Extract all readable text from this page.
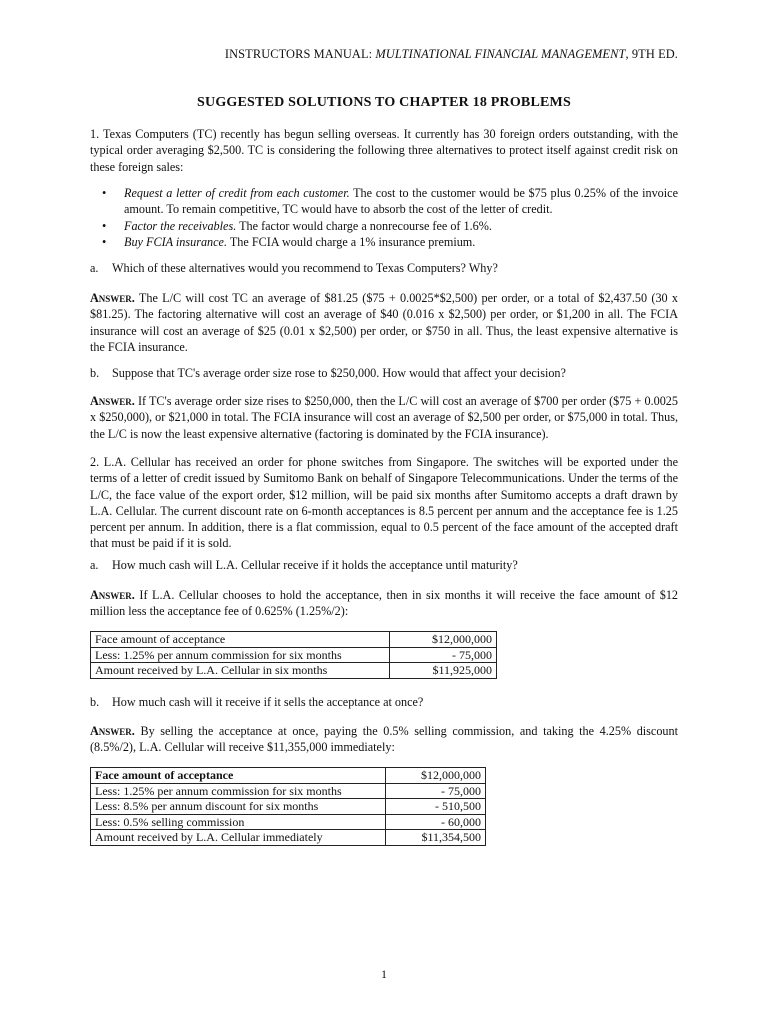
INSTRUCTORS MANUAL: MULTINATIONAL FINANCIAL MANAGEMENT, 9TH ED.
SUGGESTED SOLUTIONS TO CHAPTER 18 PROBLEMS
1. Texas Computers (TC) recently has begun selling overseas. It currently has 30 foreign orders outstanding, with the typical order averaging $2,500. TC is considering the following three alternatives to protect itself against credit risk on these foreign sales:
• Request a letter of credit from each customer. The cost to the customer would be $75 plus 0.25% of the invoice amount. To remain competitive, TC would have to absorb the cost of the letter of credit.
• Factor the receivables. The factor would charge a nonrecourse fee of 1.6%.
• Buy FCIA insurance. The FCIA would charge a 1% insurance premium.
a. Which of these alternatives would you recommend to Texas Computers? Why?
Answer. The L/C will cost TC an average of $81.25 ($75 + 0.0025*$2,500) per order, or a total of $2,437.50 (30 x $81.25). The factoring alternative will cost an average of $40 (0.016 x $2,500) per order, or $1,200 in all. The FCIA insurance will cost an average of $25 (0.01 x $2,500) per order, or $750 in all. Thus, the least expensive alternative is the FCIA insurance.
b. Suppose that TC's average order size rose to $250,000. How would that affect your decision?
Answer. If TC's average order size rises to $250,000, then the L/C will cost an average of $700 per order ($75 + 0.0025 x $250,000), or $21,000 in total. The FCIA insurance will cost an average of $2,500 per order, or $75,000 in total. Thus, the L/C is now the least expensive alternative (factoring is dominated by the FCIA insurance).
2. L.A. Cellular has received an order for phone switches from Singapore. The switches will be exported under the terms of a letter of credit issued by Sumitomo Bank on behalf of Singapore Telecommunications. Under the terms of the L/C, the face value of the export order, $12 million, will be paid six months after Sumitomo accepts a draft drawn by L.A. Cellular. The current discount rate on 6-month acceptances is 8.5 percent per annum and the acceptance fee is 1.25 percent per annum. In addition, there is a flat commission, equal to 0.5 percent of the face amount of the accepted draft that must be paid if it is sold.
a. How much cash will L.A. Cellular receive if it holds the acceptance until maturity?
Answer. If L.A. Cellular chooses to hold the acceptance, then in six months it will receive the face amount of $12 million less the acceptance fee of 0.625% (1.25%/2):
Face amount of acceptance	$12,000,000
Less: 1.25% per annum commission for six months	- 75,000
Amount received by L.A. Cellular in six months	$11,925,000
b. How much cash will it receive if it sells the acceptance at once?
Answer. By selling the acceptance at once, paying the 0.5% selling commission, and taking the 4.25% discount (8.5%/2), L.A. Cellular will receive $11,355,000 immediately:
Face amount of acceptance	$12,000,000
Less: 1.25% per annum commission for six months	- 75,000
Less: 8.5% per annum discount for six months	- 510,500
Less: 0.5% selling commission	- 60,000
Amount received by L.A. Cellular immediately	$11,354,500
1
